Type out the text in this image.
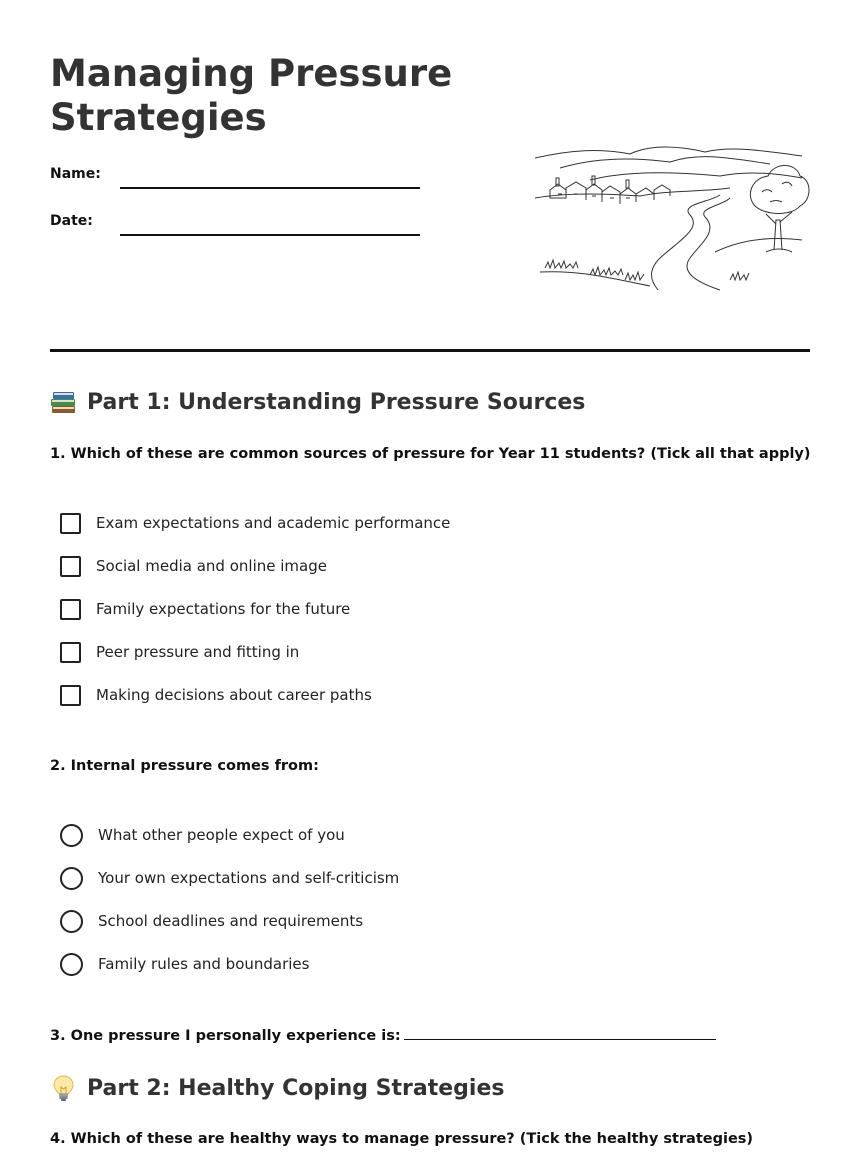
Managing Pressure Strategies
Name:
Date:
Part 1: Understanding Pressure Sources
1. Which of these are common sources of pressure for Year 11 students? (Tick all that apply)
Exam expectations and academic performance
Social media and online image
Family expectations for the future
Peer pressure and fitting in
Making decisions about career paths
2. Internal pressure comes from:
What other people expect of you
Your own expectations and self-criticism
School deadlines and requirements
Family rules and boundaries
3. One pressure I personally experience is:
Part 2: Healthy Coping Strategies
4. Which of these are healthy ways to manage pressure? (Tick the healthy strategies)
